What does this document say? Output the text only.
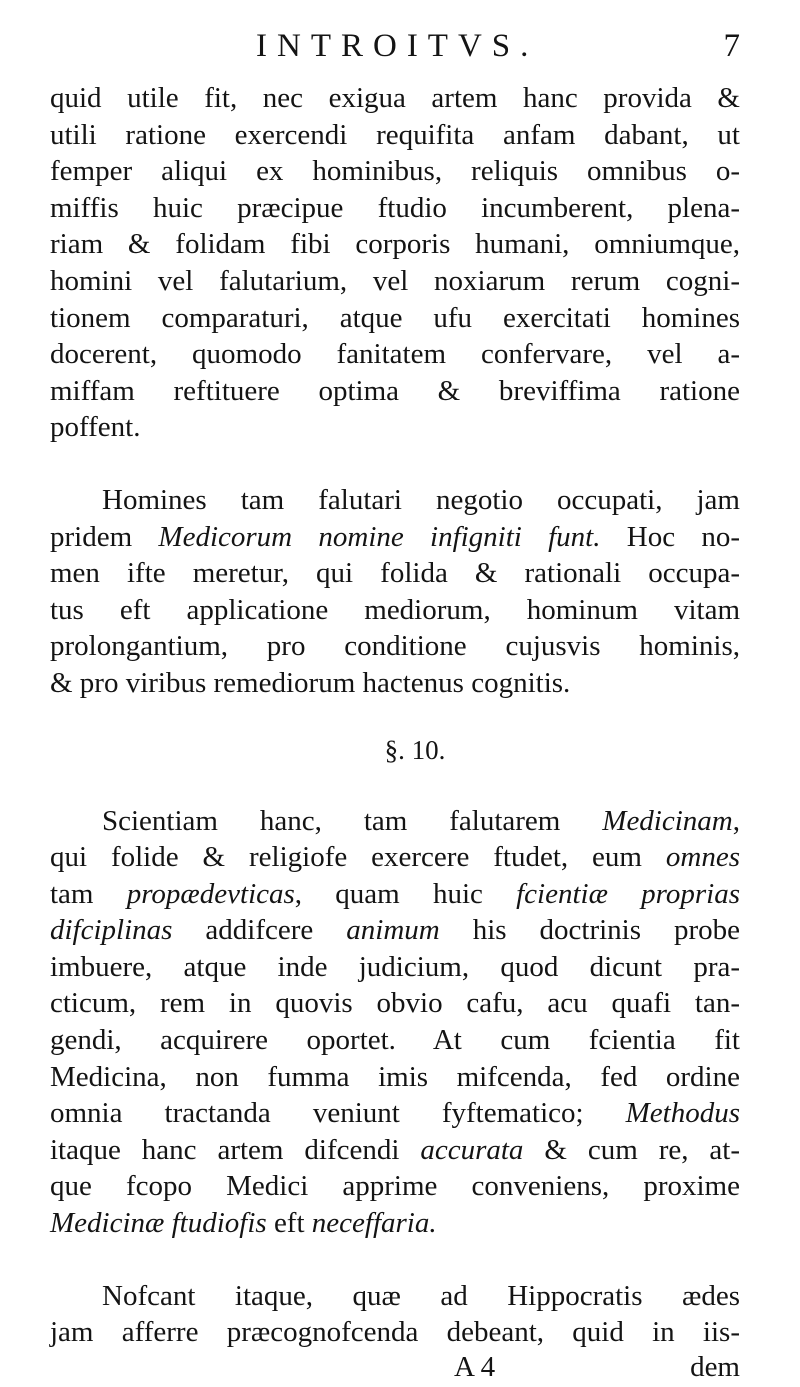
INTROITVS.	7
quid utile fit, nec exigua artem hanc provida &
utili ratione exercendi requifita anfam dabant, ut
femper aliqui ex hominibus, reliquis omnibus o-
miffis huic præcipue ftudio incumberent, plena-
riam & folidam fibi corporis humani, omniumque,
homini vel falutarium, vel noxiarum rerum cogni-
tionem comparaturi, atque ufu exercitati homines
docerent, quomodo fanitatem confervare, vel a-
miffam reftituere optima & breviffima ratione
poffent.
Homines tam falutari negotio occupati, jam
pridem Medicorum nomine infigniti funt. Hoc no-
men ifte meretur, qui folida & rationali occupa-
tus eft applicatione mediorum, hominum vitam
prolongantium, pro conditione cujusvis hominis,
& pro viribus remediorum hactenus cognitis.
§. 10.
Scientiam hanc, tam falutarem Medicinam,
qui folide & religiofe exercere ftudet, eum omnes
tam propædevticas, quam huic fcientiæ proprias
difciplinas addifcere animum his doctrinis probe
imbuere, atque inde judicium, quod dicunt pra-
cticum, rem in quovis obvio cafu, acu quafi tan-
gendi, acquirere oportet. At cum fcientia fit
Medicina, non fumma imis mifcenda, fed ordine
omnia tractanda veniunt fyftematico; Methodus
itaque hanc artem difcendi accurata & cum re, at-
que fcopo Medici apprime conveniens, proxime
Medicinæ ftudiofis eft neceffaria.
Nofcant itaque, quæ ad Hippocratis ædes
jam afferre præcognofcenda debeant, quid in iis-
A 4	dem
